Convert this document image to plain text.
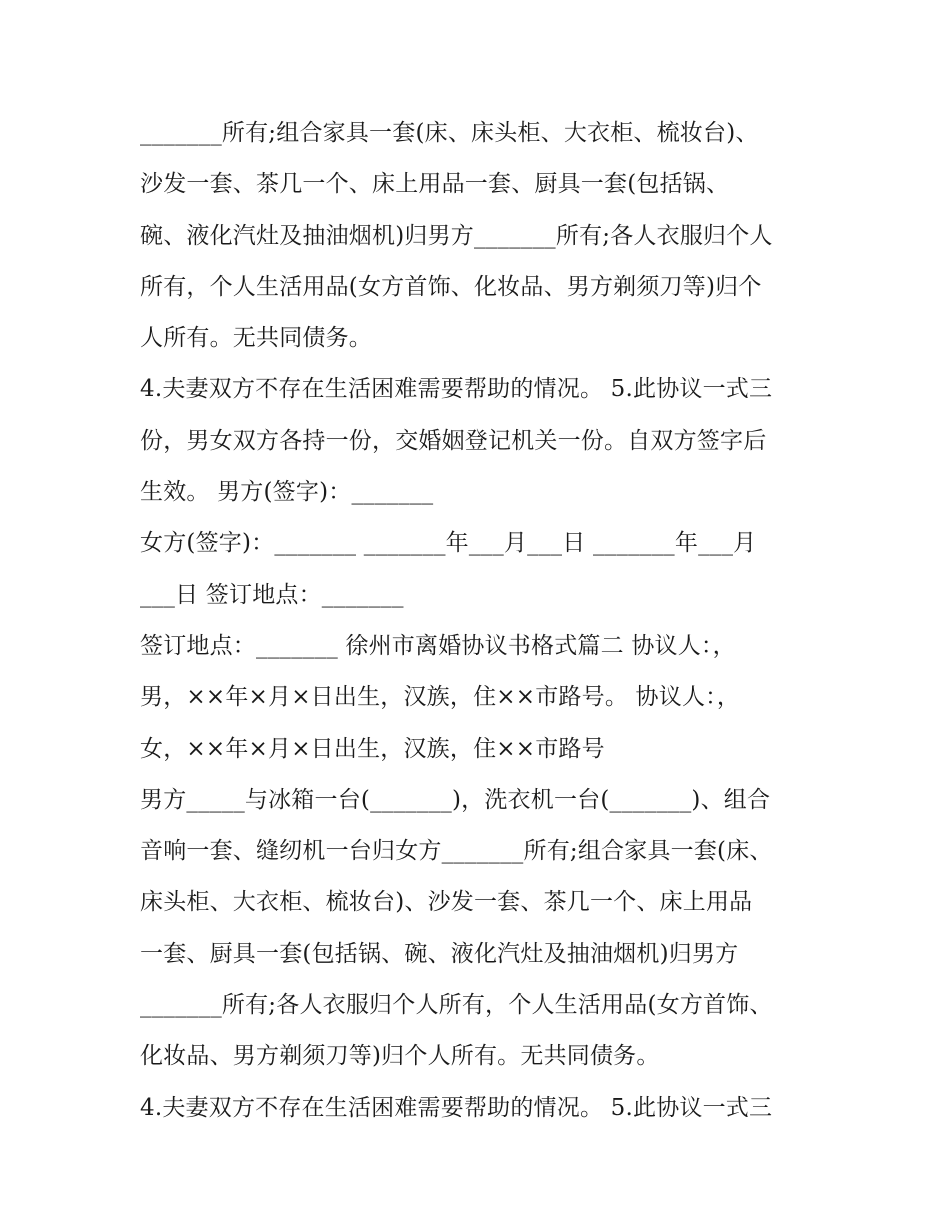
_______所有;组合家具一套(床、床头柜、大衣柜、梳妆台)、
沙发一套、茶几一个、床上用品一套、厨具一套(包括锅、
碗、液化汽灶及抽油烟机)归男方_______所有;各人衣服归个人
所有，个人生活用品(女方首饰、化妆品、男方剃须刀等)归个
人所有。无共同债务。
4.夫妻双方不存在生活困难需要帮助的情况。 5.此协议一式三
份，男女双方各持一份，交婚姻登记机关一份。自双方签字后
生效。 男方(签字)：_______
女方(签字)：_______ _______年___月___日 _______年___月
___日 签订地点：_______
签订地点：_______ 徐州市离婚协议书格式篇二 协议人：，
男，××年×月×日出生，汉族，住××市路号。 协议人：，
女，××年×月×日出生，汉族，住××市路号
男方_____与冰箱一台(_______)，洗衣机一台(_______)、组合
音响一套、缝纫机一台归女方_______所有;组合家具一套(床、
床头柜、大衣柜、梳妆台)、沙发一套、茶几一个、床上用品
一套、厨具一套(包括锅、碗、液化汽灶及抽油烟机)归男方
_______所有;各人衣服归个人所有，个人生活用品(女方首饰、
化妆品、男方剃须刀等)归个人所有。无共同债务。
4.夫妻双方不存在生活困难需要帮助的情况。 5.此协议一式三
